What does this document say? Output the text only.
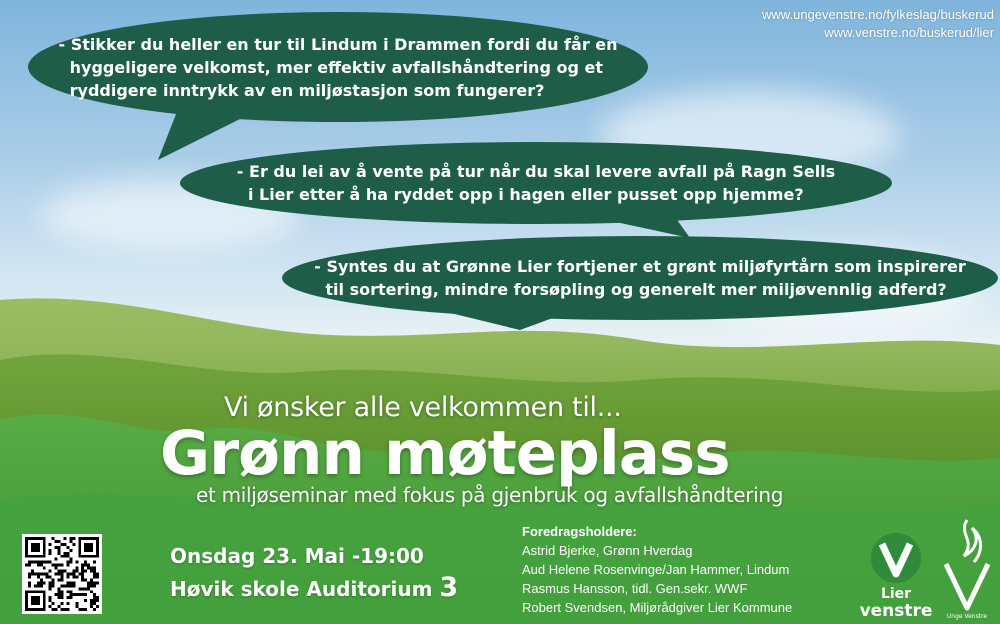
www.ungevenstre.no/fylkeslag/buskerud
www.venstre.no/buskerud/lier

- Stikker du heller en tur til Lindum i Drammen fordi du får en
hyggeligere velkomst, mer effektiv avfallshåndtering og et
ryddigere inntrykk av en miljøstasjon som fungerer?

- Er du lei av å vente på tur når du skal levere avfall på Ragn Sells
i Lier etter å ha ryddet opp i hagen eller pusset opp hjemme?

- Syntes du at Grønne Lier fortjener et grønt miljøfyrtårn som inspirerer
til sortering, mindre forsøpling og generelt mer miljøvennlig adferd?

Vi ønsker alle velkommen til...
Grønn møteplass
et miljøseminar med fokus på gjenbruk og avfallshåndtering
Onsdag 23. Mai -19:00
Høvik skole Auditorium 3
Foredragsholdere:
Astrid Bjerke, Grønn Hverdag
Aud Helene Rosenvinge/Jan Hammer, Lindum
Rasmus Hansson, tidl. Gen.sekr. WWF
Robert Svendsen, Miljørådgiver Lier Kommune
Lier
venstre Unge Venstre
